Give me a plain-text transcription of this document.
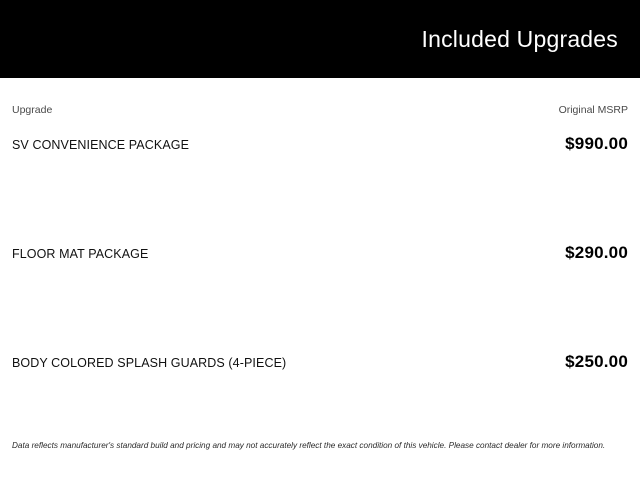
Included Upgrades
Upgrade	Original MSRP
SV CONVENIENCE PACKAGE	$990.00
FLOOR MAT PACKAGE	$290.00
BODY COLORED SPLASH GUARDS (4-PIECE)	$250.00
Data reflects manufacturer's standard build and pricing and may not accurately reflect the exact condition of this vehicle. Please contact dealer for more information.
